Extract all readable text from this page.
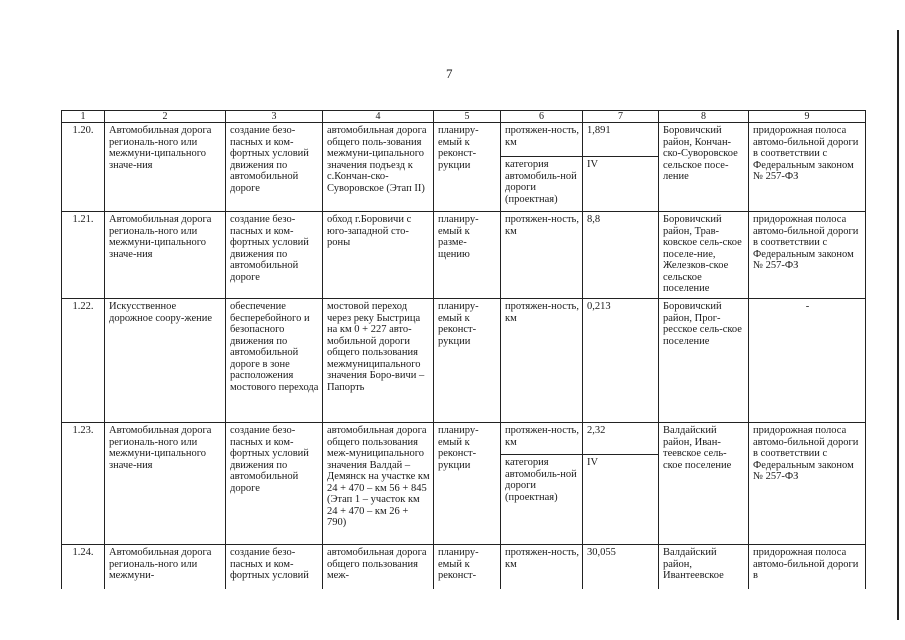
7
1	2	3	4	5	6	7	8	9
1.20.	Автомобильная дорога региональ-ного или межмуни-ципального значе-ния	создание безо-пасных и ком-фортных условий движения по автомобильной дороге	автомобильная дорога общего поль-зования межмуни-ципального значения подъезд к с.Кончан-ско-Суворовское (Этап II)	планиру-емый к реконст-рукции	протяжен-ность, км	1,891	Боровичский район, Кончан-ско-Суворовское сельское посе-ление	придорожная полоса автомо-бильной дороги в соответствии с Федеральным законом № 257-ФЗ
					категория автомобиль-ной дороги (проектная)	IV		
1.21.	Автомобильная дорога региональ-ного или межмуни-ципального значе-ния	создание безо-пасных и ком-фортных условий движения по автомобильной дороге	обход г.Боровичи с юго-западной сто-роны	планиру-емый к разме-щению	протяжен-ность, км	8,8	Боровичский район, Трав-ковское сель-ское поселе-ние, Железков-ское сельское поселение	придорожная полоса автомо-бильной дороги в соответствии с Федеральным законом № 257-ФЗ
1.22.	Искусственное дорожное соору-жение	обеспечение бесперебойного и безопасного движения по автомобильной дороге в зоне расположения мостового перехода	мостовой переход через реку Быстрица на км 0 + 227 авто-мобильной дороги общего пользования межмуниципального значения Боро-вичи – Папорть	планиру-емый к реконст-рукции	протяжен-ность, км	0,213	Боровичский район, Прог-ресское сель-ское поселение	-
1.23.	Автомобильная дорога региональ-ного или межмуни-ципального значе-ния	создание безо-пасных и ком-фортных условий движения по автомобильной дороге	автомобильная дорога общего пользования меж-муниципального значения Валдай – Демянск на участке км 24 + 470 – км 56 + 845 (Этап 1 – участок км 24 + 470 – км 26 + 790)	планиру-емый к реконст-рукции	протяжен-ность, км	2,32	Валдайский район, Иван-теевское сель-ское поселение	придорожная полоса автомо-бильной дороги в соответствии с Федеральным законом № 257-ФЗ
					категория автомобиль-ной дороги (проектная)	IV		
1.24.	Автомобильная дорога региональ-ного или межмуни-	создание безо-пасных и ком-фортных условий	автомобильная дорога общего пользования меж-	планиру-емый к реконст-	протяжен-ность, км	30,055	Валдайский район, Ивантеевское	придорожная полоса автомо-бильной дороги в
